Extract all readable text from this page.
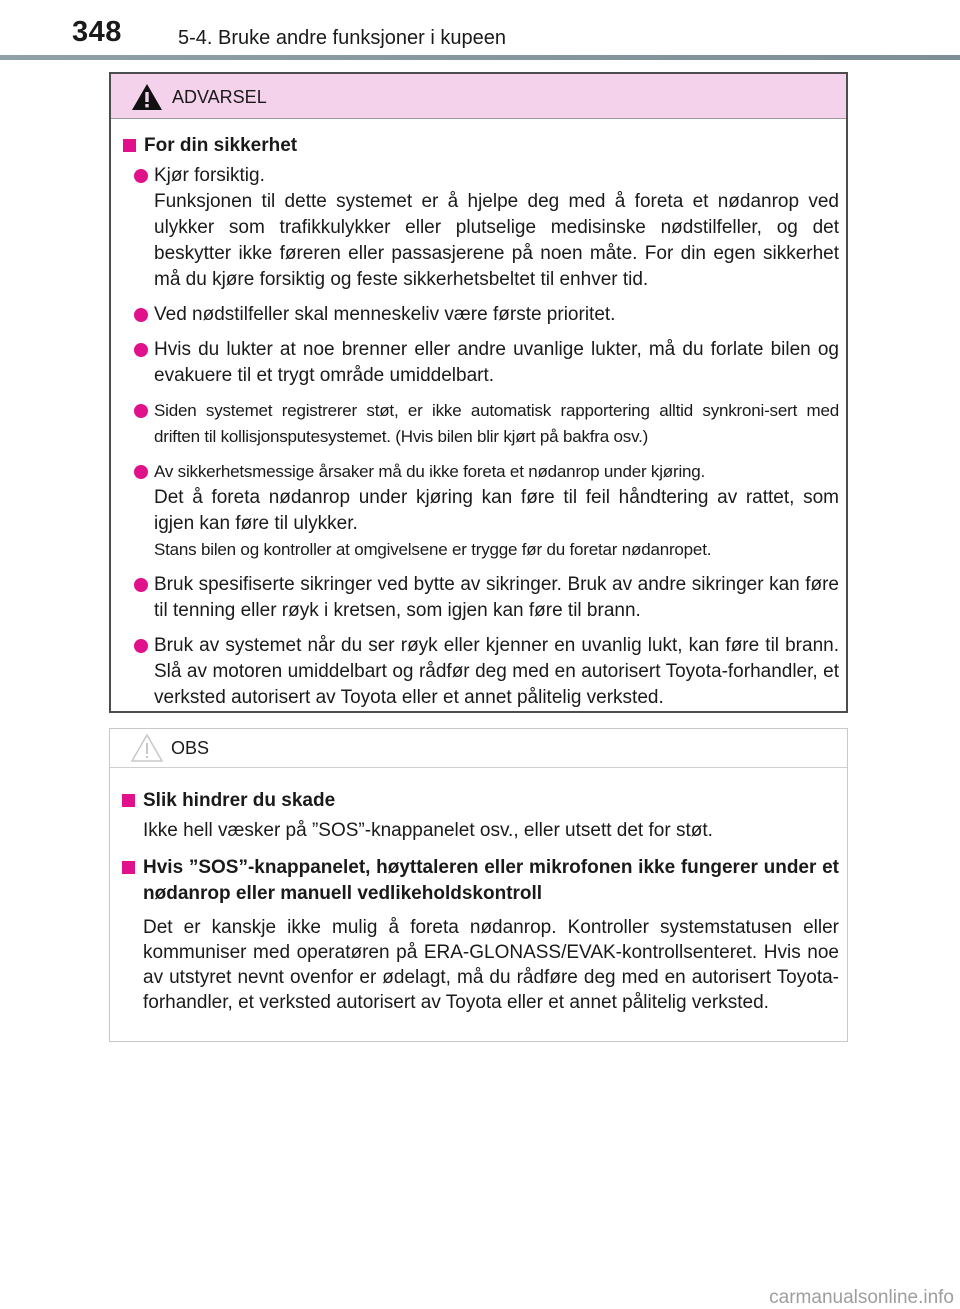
348	5-4. Bruke andre funksjoner i kupeen
ADVARSEL
For din sikkerhet

Kjør forsiktig.

Funksjonen til dette systemet er å hjelpe deg med å foreta et nødanrop ved ulykker som trafikkulykker eller plutselige medisinske nødstilfeller, og det beskytter ikke føreren eller passasjerene på noen måte. For din egen sikkerhet må du kjøre forsiktig og feste sikkerhetsbeltet til enhver tid.

Ved nødstilfeller skal menneskeliv være første prioritet.

Hvis du lukter at noe brenner eller andre uvanlige lukter, må du forlate bilen og evakuere til et trygt område umiddelbart.

Siden systemet registrerer støt, er ikke automatisk rapportering alltid synkroni-sert med driften til kollisjonsputesystemet. (Hvis bilen blir kjørt på bakfra osv.)

Av sikkerhetsmessige årsaker må du ikke foreta et nødanrop under kjøring.

Det å foreta nødanrop under kjøring kan føre til feil håndtering av rattet, som igjen kan føre til ulykker.

Stans bilen og kontroller at omgivelsene er trygge før du foretar nødanropet.

Bruk spesifiserte sikringer ved bytte av sikringer. Bruk av andre sikringer kan føre til tenning eller røyk i kretsen, som igjen kan føre til brann.

Bruk av systemet når du ser røyk eller kjenner en uvanlig lukt, kan føre til brann. Slå av motoren umiddelbart og rådfør deg med en autorisert Toyota-forhandler, et verksted autorisert av Toyota eller et annet pålitelig verksted.

OBS
Slik hindrer du skade

Ikke hell væsker på ”SOS”-knappanelet osv., eller utsett det for støt.

Hvis ”SOS”-knappanelet, høyttaleren eller mikrofonen ikke fungerer under et nødanrop eller manuell vedlikeholdskontroll

Det er kanskje ikke mulig å foreta nødanrop. Kontroller systemstatusen eller kommuniser med operatøren på ERA-GLONASS/EVAK-kontrollsenteret. Hvis noe av utstyret nevnt ovenfor er ødelagt, må du rådføre deg med en autorisert Toyota-forhandler, et verksted autorisert av Toyota eller et annet pålitelig verksted.

carmanualsonline.info
